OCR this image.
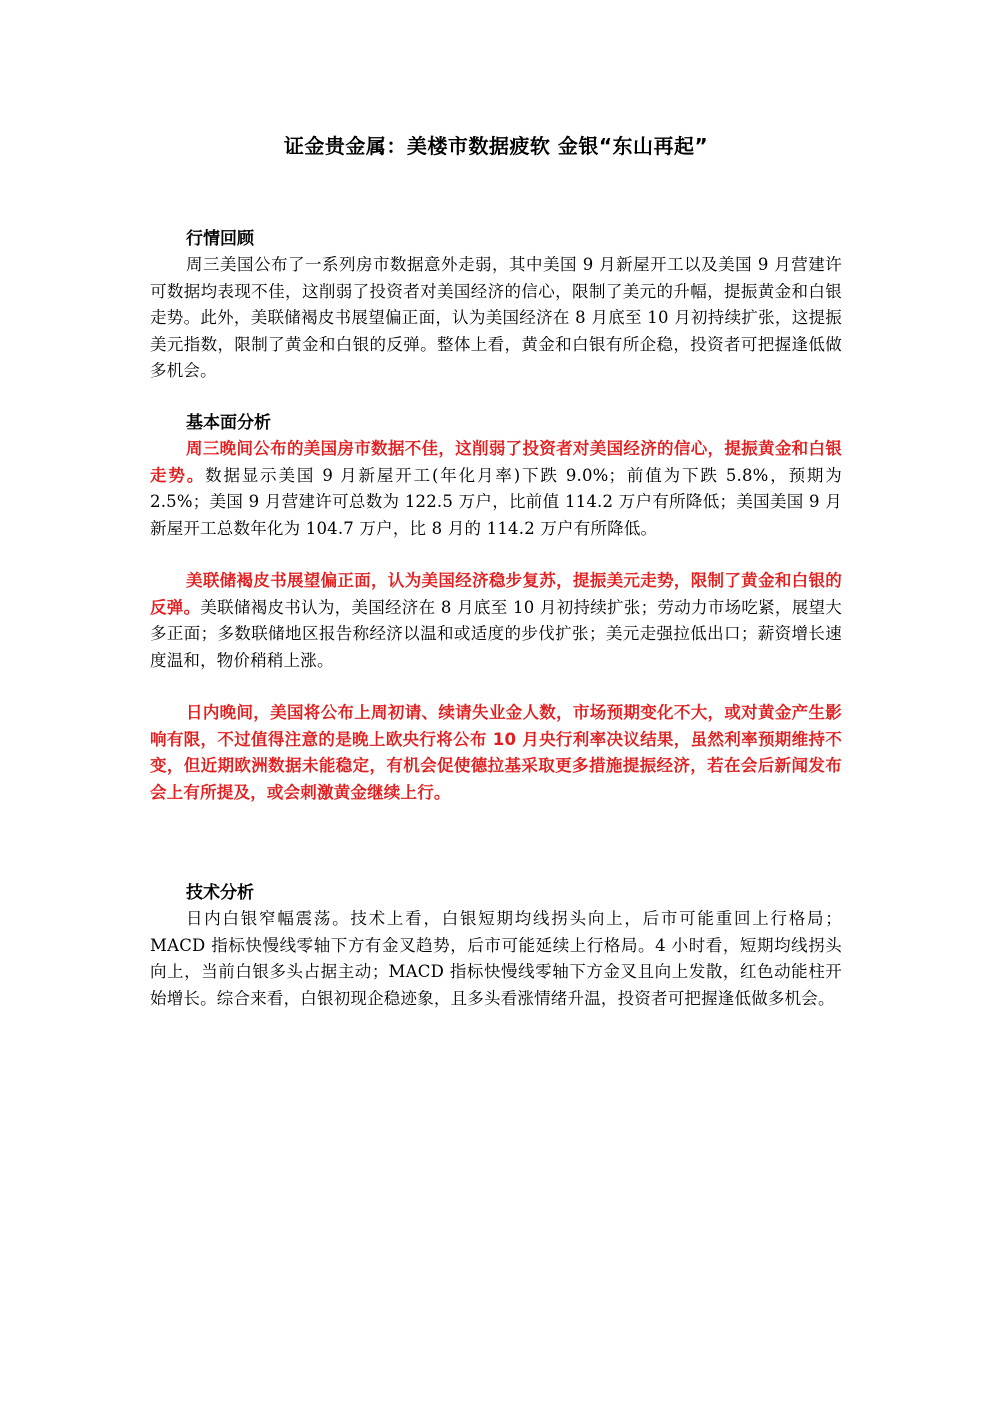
证金贵金属：美楼市数据疲软 金银“东山再起”

行情回顾

周三美国公布了一系列房市数据意外走弱，其中美国 9 月新屋开工以及美国 9 月营建许可数据均表现不佳，这削弱了投资者对美国经济的信心，限制了美元的升幅，提振黄金和白银走势。此外，美联储褐皮书展望偏正面，认为美国经济在 8 月底至 10 月初持续扩张，这提振美元指数，限制了黄金和白银的反弹。整体上看，黄金和白银有所企稳，投资者可把握逢低做多机会。

基本面分析

周三晚间公布的美国房市数据不佳，这削弱了投资者对美国经济的信心，提振黄金和白银走势。数据显示美国 9 月新屋开工(年化月率)下跌 9.0%；前值为下跌 5.8%，预期为 2.5%；美国 9 月营建许可总数为 122.5 万户，比前值 114.2 万户有所降低；美国美国 9 月新屋开工总数年化为 104.7 万户，比 8 月的 114.2 万户有所降低。

美联储褐皮书展望偏正面，认为美国经济稳步复苏，提振美元走势，限制了黄金和白银的反弹。美联储褐皮书认为，美国经济在 8 月底至 10 月初持续扩张；劳动力市场吃紧，展望大多正面；多数联储地区报告称经济以温和或适度的步伐扩张；美元走强拉低出口；薪资增长速度温和，物价稍稍上涨。

日内晚间，美国将公布上周初请、续请失业金人数，市场预期变化不大，或对黄金产生影响有限，不过值得注意的是晚上欧央行将公布 10 月央行利率决议结果，虽然利率预期维持不变，但近期欧洲数据未能稳定，有机会促使德拉基采取更多措施提振经济，若在会后新闻发布会上有所提及，或会刺激黄金继续上行。

技术分析

日内白银窄幅震荡。技术上看，白银短期均线拐头向上，后市可能重回上行格局；MACD 指标快慢线零轴下方有金叉趋势，后市可能延续上行格局。4 小时看，短期均线拐头向上，当前白银多头占据主动；MACD 指标快慢线零轴下方金叉且向上发散，红色动能柱开始增长。综合来看，白银初现企稳迹象，且多头看涨情绪升温，投资者可把握逢低做多机会。
